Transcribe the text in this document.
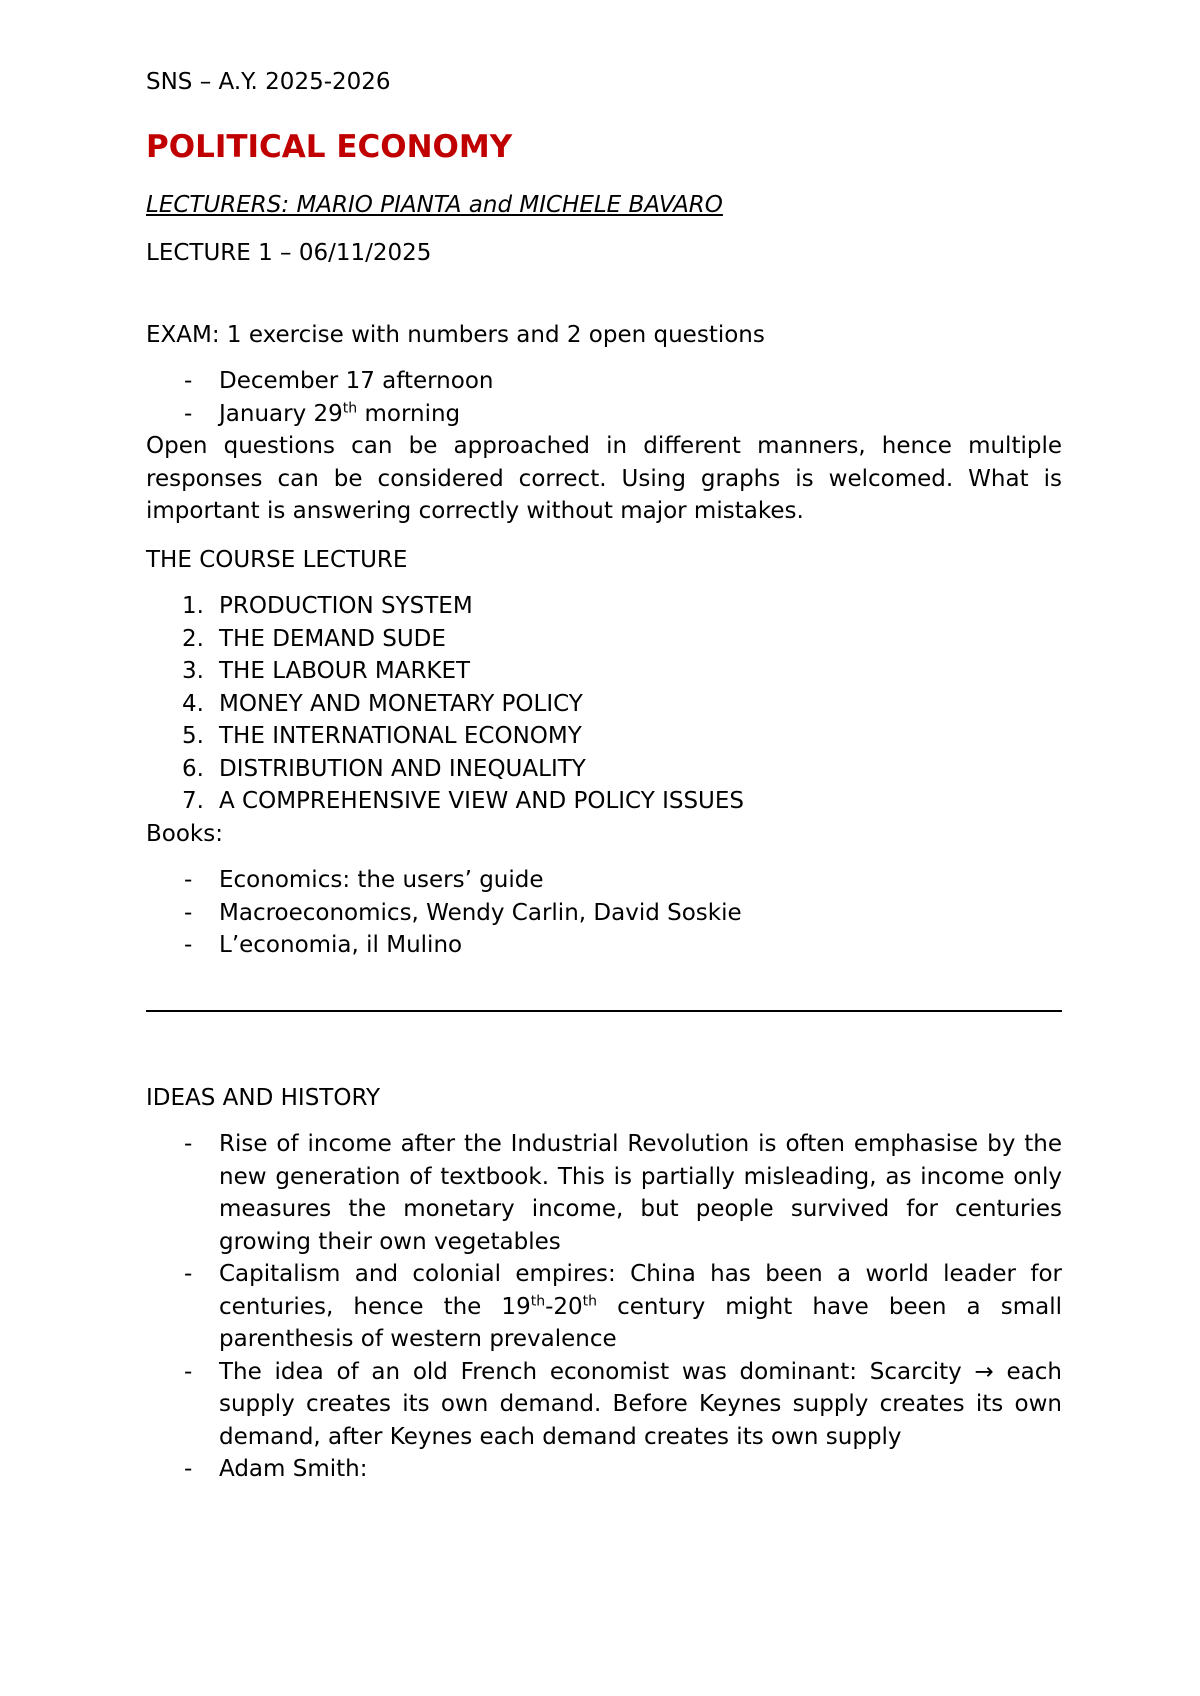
SNS – A.Y. 2025-2026

POLITICAL ECONOMY

LECTURERS: MARIO PIANTA and MICHELE BAVARO

LECTURE 1 – 06/11/2025

EXAM: 1 exercise with numbers and 2 open questions

- December 17 afternoon
- January 29th morning

Open questions can be approached in different manners, hence multiple responses can be considered correct. Using graphs is welcomed. What is important is answering correctly without major mistakes.

THE COURSE LECTURE

1. PRODUCTION SYSTEM
2. THE DEMAND SUDE
3. THE LABOUR MARKET
4. MONEY AND MONETARY POLICY
5. THE INTERNATIONAL ECONOMY
6. DISTRIBUTION AND INEQUALITY
7. A COMPREHENSIVE VIEW AND POLICY ISSUES

Books:

- Economics: the users’ guide
- Macroeconomics, Wendy Carlin, David Soskie
- L’economia, il Mulino

IDEAS AND HISTORY

- Rise of income after the Industrial Revolution is often emphasise by the new generation of textbook. This is partially misleading, as income only measures the monetary income, but people survived for centuries growing their own vegetables
- Capitalism and colonial empires: China has been a world leader for centuries, hence the 19th-20th century might have been a small parenthesis of western prevalence
- The idea of an old French economist was dominant: Scarcity → each supply creates its own demand. Before Keynes supply creates its own demand, after Keynes each demand creates its own supply
- Adam Smith:
